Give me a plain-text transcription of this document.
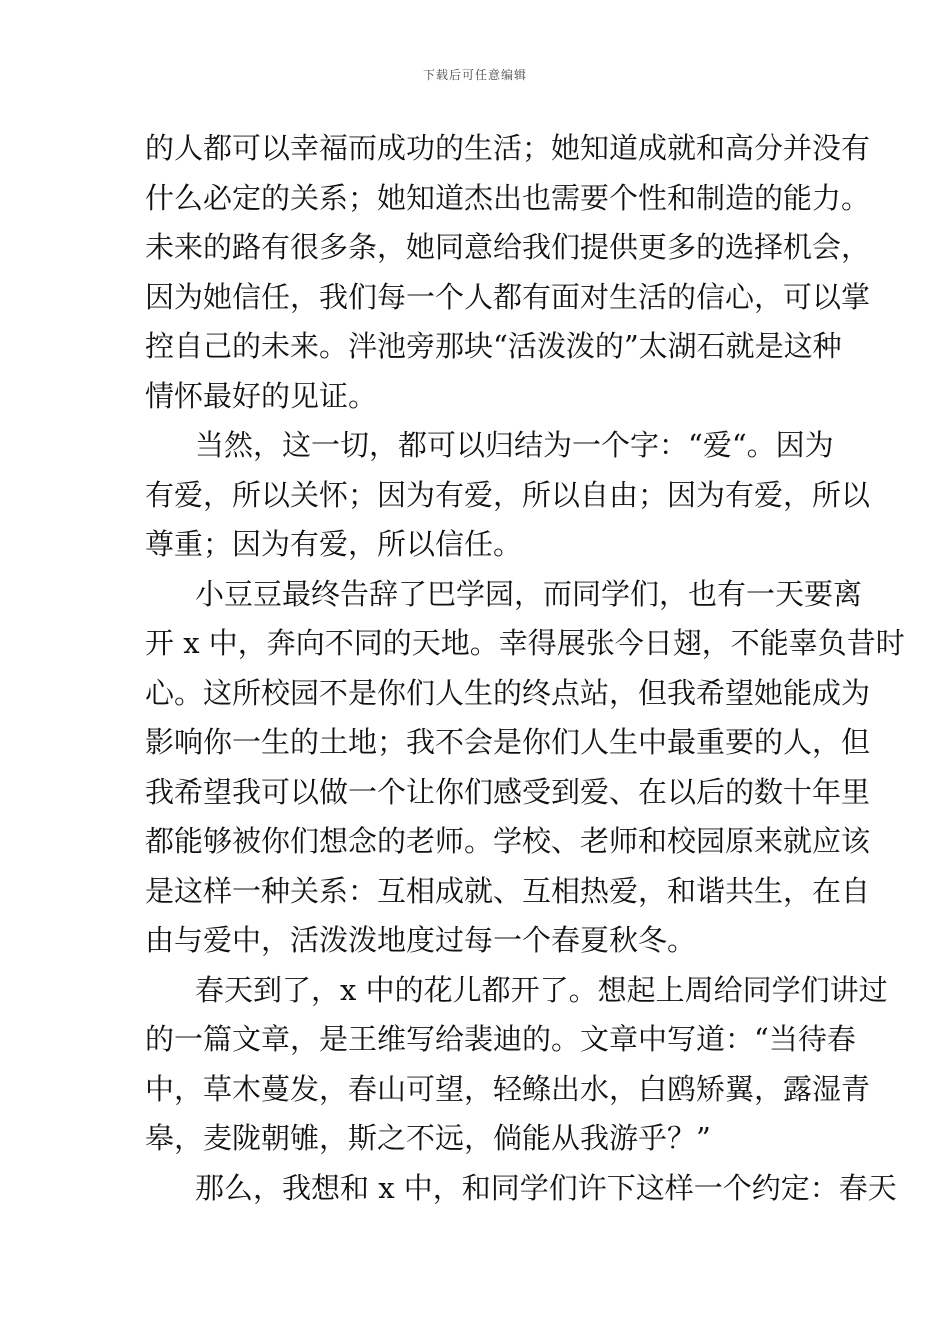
下载后可任意编辑
的人都可以幸福而成功的生活；她知道成就和高分并没有
什么必定的关系；她知道杰出也需要个性和制造的能力。
未来的路有很多条，她同意给我们提供更多的选择机会，
因为她信任，我们每一个人都有面对生活的信心，可以掌
控自己的未来。泮池旁那块“活泼泼的”太湖石就是这种
情怀最好的见证。
当然，这一切，都可以归结为一个字：“爱“。因为
有爱，所以关怀；因为有爱，所以自由；因为有爱，所以
尊重；因为有爱，所以信任。
小豆豆最终告辞了巴学园，而同学们，也有一天要离
开 x 中，奔向不同的天地。幸得展张今日翅，不能辜负昔时
心。这所校园不是你们人生的终点站，但我希望她能成为
影响你一生的土地；我不会是你们人生中最重要的人，但
我希望我可以做一个让你们感受到爱、在以后的数十年里
都能够被你们想念的老师。学校、老师和校园原来就应该
是这样一种关系：互相成就、互相热爱，和谐共生，在自
由与爱中，活泼泼地度过每一个春夏秋冬。
春天到了，x 中的花儿都开了。想起上周给同学们讲过
的一篇文章，是王维写给裴迪的。文章中写道：“当待春
中，草木蔓发，春山可望，轻鲦出水，白鸥矫翼，露湿青
皋，麦陇朝雊，斯之不远，倘能从我游乎？”
那么，我想和 x 中，和同学们许下这样一个约定：春天
